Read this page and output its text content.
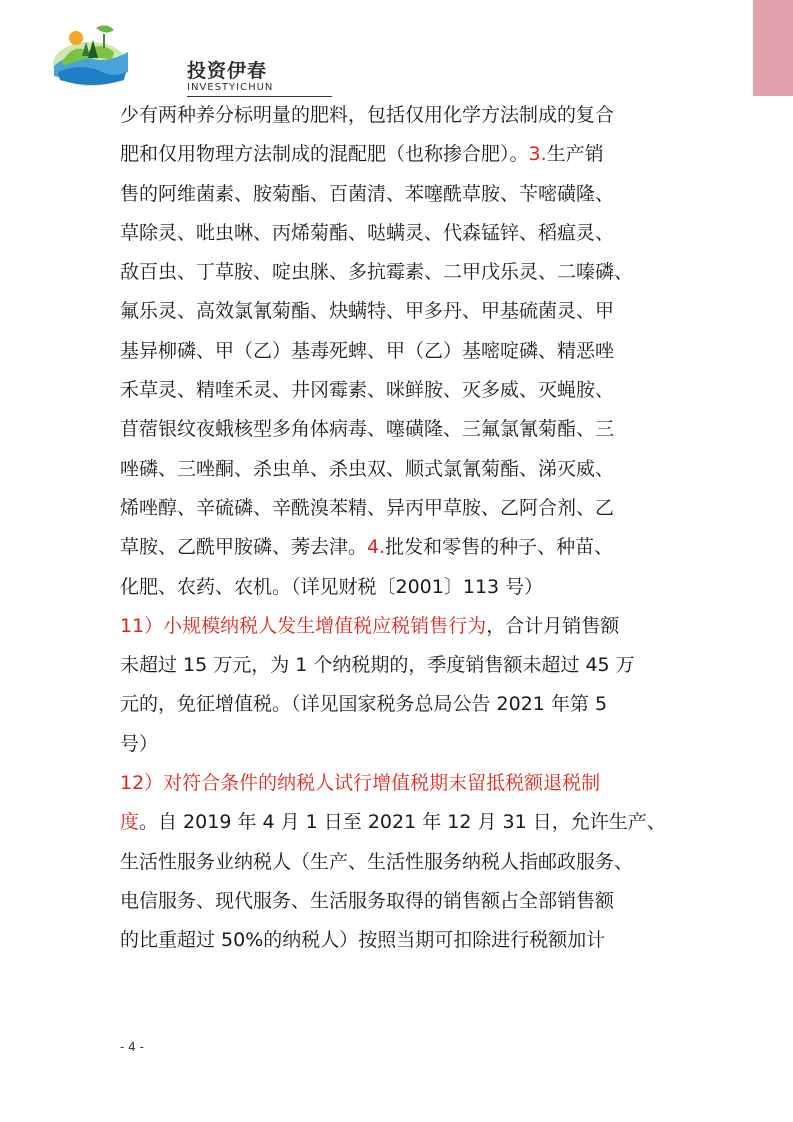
投资伊春
INVESTYICHUN
少有两种养分标明量的肥料，包括仅用化学方法制成的复合
肥和仅用物理方法制成的混配肥（也称掺合肥）。3.生产销
售的阿维菌素、胺菊酯、百菌清、苯噻酰草胺、苄嘧磺隆、
草除灵、吡虫啉、丙烯菊酯、哒螨灵、代森锰锌、稻瘟灵、
敌百虫、丁草胺、啶虫脒、多抗霉素、二甲戊乐灵、二嗪磷、
氟乐灵、高效氯氰菊酯、炔螨特、甲多丹、甲基硫菌灵、甲
基异柳磷、甲（乙）基毒死蜱、甲（乙）基嘧啶磷、精恶唑
禾草灵、精喹禾灵、井冈霉素、咪鲜胺、灭多威、灭蝇胺、
苜蓿银纹夜蛾核型多角体病毒、噻磺隆、三氟氯氰菊酯、三
唑磷、三唑酮、杀虫单、杀虫双、顺式氯氰菊酯、涕灭威、
烯唑醇、辛硫磷、辛酰溴苯精、异丙甲草胺、乙阿合剂、乙
草胺、乙酰甲胺磷、莠去津。4.批发和零售的种子、种苗、
化肥、农药、农机。（详见财税〔2001〕113 号）
11）小规模纳税人发生增值税应税销售行为，合计月销售额
未超过 15 万元，为 1 个纳税期的，季度销售额未超过 45 万
元的，免征增值税。（详见国家税务总局公告 2021 年第 5
号）
12）对符合条件的纳税人试行增值税期末留抵税额退税制
度。自 2019 年 4 月 1 日至 2021 年 12 月 31 日，允许生产、
生活性服务业纳税人（生产、生活性服务纳税人指邮政服务、
电信服务、现代服务、生活服务取得的销售额占全部销售额
的比重超过 50%的纳税人）按照当期可扣除进行税额加计
- 4 -
